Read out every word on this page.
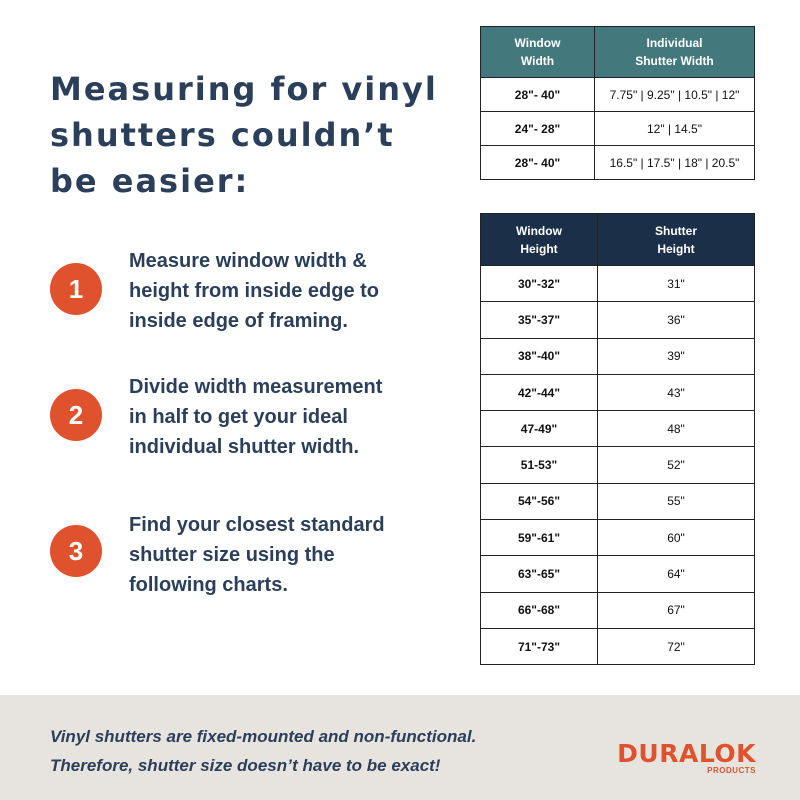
Measuring for vinyl
shutters couldn’t
be easier:
1
Measure window width &
height from inside edge to
inside edge of framing.
2
Divide width measurement
in half to get your ideal
individual shutter width.
3
Find your closest standard
shutter size using the
following charts.
Window
Width	Individual
Shutter Width
28"- 40"	7.75" | 9.25" | 10.5" | 12"
24"- 28"	12" | 14.5"
28"- 40"	16.5" | 17.5" | 18" | 20.5"
Window
Height	Shutter
Height
30"-32"	31"
35"-37"	36"
38"-40"	39"
42"-44"	43"
47-49"	48"
51-53"	52"
54"-56"	55"
59"-61"	60"
63"-65"	64"
66"-68"	67"
71"-73"	72"
Vinyl shutters are fixed-mounted and non-functional.
Therefore, shutter size doesn’t have to be exact!	DURALOK
PRODUCTS
